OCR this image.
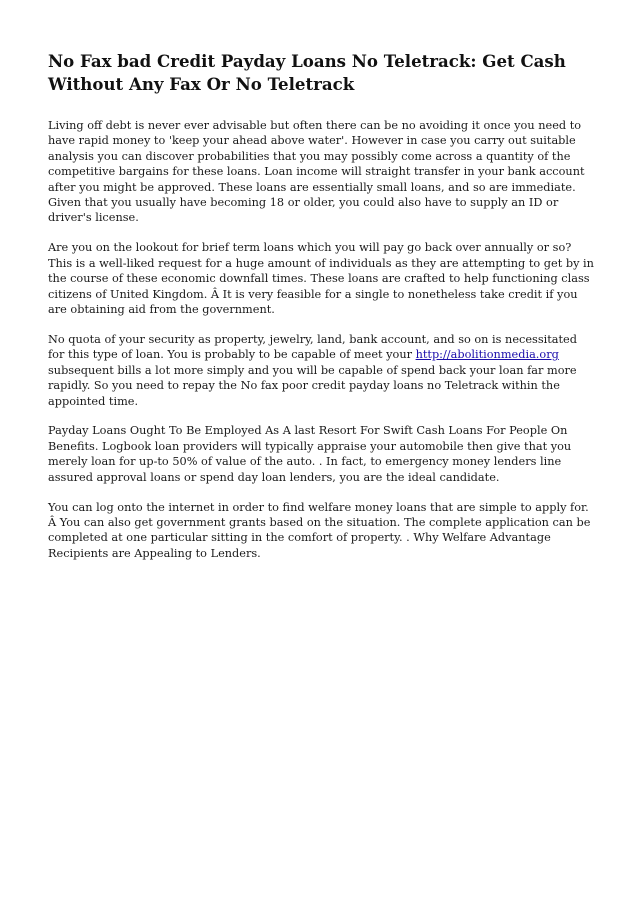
No Fax bad Credit Payday Loans No Teletrack: Get Cash Without Any Fax Or No Teletrack

Living off debt is never ever advisable but often there can be no avoiding it once you need to have rapid money to 'keep your ahead above water'. However in case you carry out suitable analysis you can discover probabilities that you may possibly come across a quantity of the competitive bargains for these loans. Loan income will straight transfer in your bank account after you might be approved. These loans are essentially small loans, and so are immediate. Given that you usually have becoming 18 or older, you could also have to supply an ID or driver's license.

Are you on the lookout for brief term loans which you will pay go back over annually or so? This is a well-liked request for a huge amount of individuals as they are attempting to get by in the course of these economic downfall times. These loans are crafted to help functioning class citizens of United Kingdom. Â It is very feasible for a single to nonetheless take credit if you are obtaining aid from the government.

No quota of your security as property, jewelry, land, bank account, and so on is necessitated for this type of loan. You is probably to be capable of meet your http://abolitionmedia.org subsequent bills a lot more simply and you will be capable of spend back your loan far more rapidly. So you need to repay the No fax poor credit payday loans no Teletrack within the appointed time.

Payday Loans Ought To Be Employed As A last Resort For Swift Cash Loans For People On Benefits. Logbook loan providers will typically appraise your automobile then give that you merely loan for up-to 50% of value of the auto. . In fact, to emergency money lenders line assured approval loans or spend day loan lenders, you are the ideal candidate.

You can log onto the internet in order to find welfare money loans that are simple to apply for. Â You can also get government grants based on the situation. The complete application can be completed at one particular sitting in the comfort of property. . Why Welfare Advantage Recipients are Appealing to Lenders.
